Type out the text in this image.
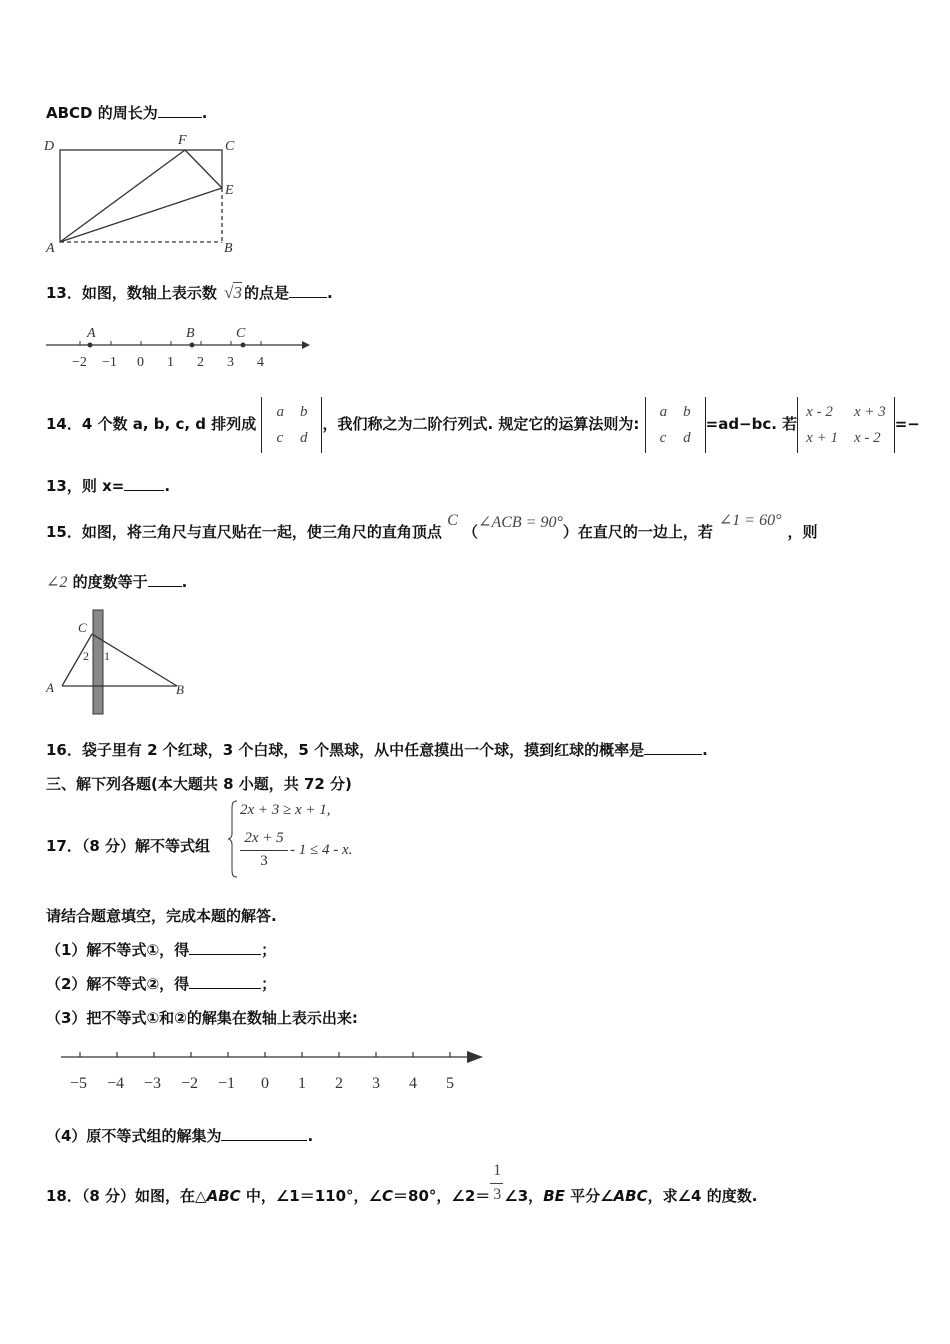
ABCD 的周长为	.
D	F	C
E
A	B
13．如图，数轴上表示数 √3 的点是	.
A	B	C
−2 −1 0 1 2 3 4
14．4 个数 a, b, c, d 排列成
a	b
c	d
，我们称之为二阶行列式. 规定它的运算法则为:
a	b
c	d
=ad−bc. 若
x - 2	x + 3
x + 1	x - 2
=−
13，则 x=	.
15．如图，将三角尺与直尺贴在一起，使三角尺的直角顶点 C （∠ACB = 90°）在直尺的一边上，若∠1 = 60°，则
∠2 的度数等于 .
C
2 1
A	B
16．袋子里有 2 个红球，3 个白球，5 个黑球，从中任意摸出一个球，摸到红球的概率是	.
三、解下列各题(本大题共 8 小题，共 72 分)
17．（8 分）解不等式组
2x + 3 ≥ x + 1,
2x + 5
3
- 1 ≤ 4 - x.
请结合题意填空，完成本题的解答.
（1）解不等式①，得	；
（2）解不等式②，得	；
（3）把不等式①和②的解集在数轴上表示出来:
−5 −4 −3 −2 −1 0 1 2 3 4 5
（4）原不等式组的解集为	.
18．（8 分）如图，在△ABC 中，∠1＝110°，∠C＝80°，∠2＝ $\frac{1}{3}$ ∠3，BE 平分∠ABC，求∠4 的度数.
